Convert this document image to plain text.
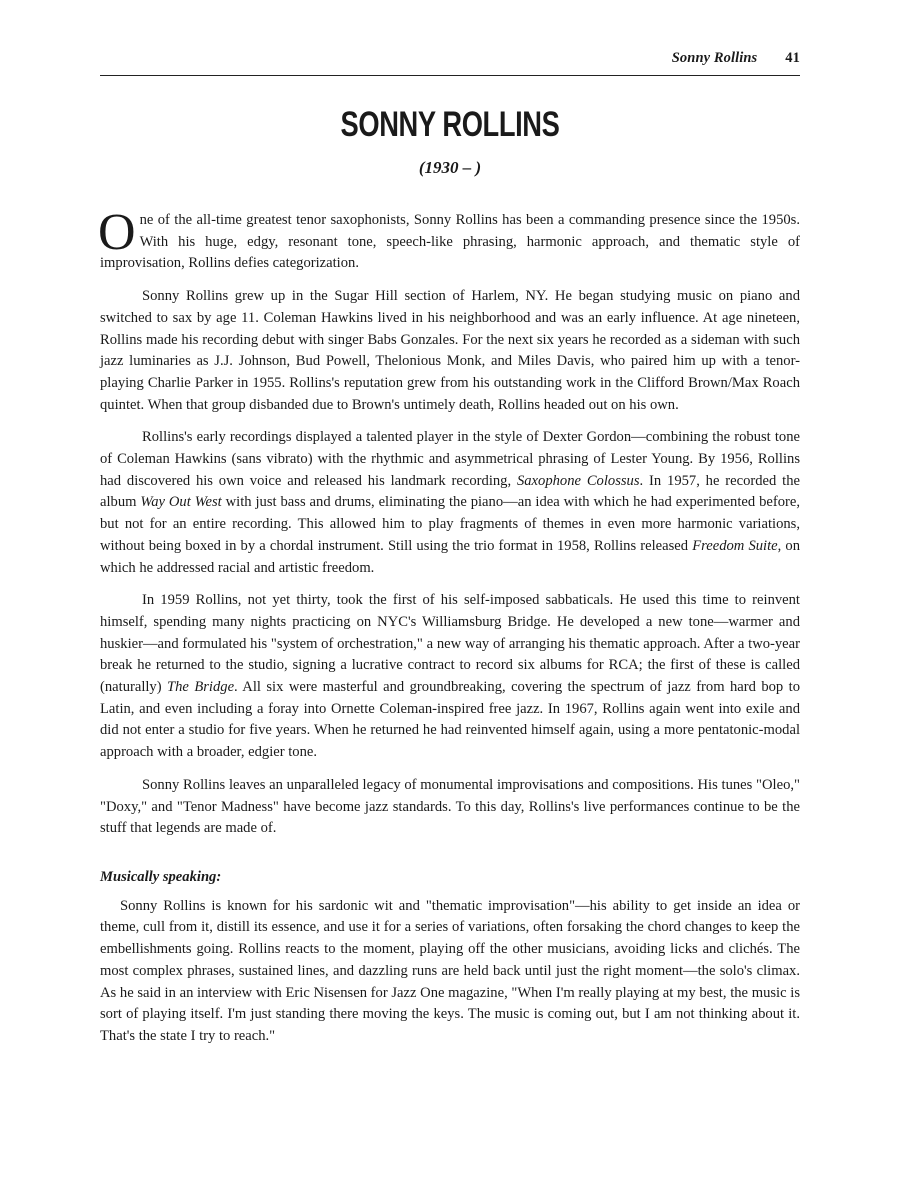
Sonny Rollins 41
SONNY ROLLINS
(1930 – )

One of the all-time greatest tenor saxophonists, Sonny Rollins has been a commanding presence since the 1950s. With his huge, edgy, resonant tone, speech-like phrasing, harmonic approach, and thematic style of improvisation, Rollins defies categorization.

Sonny Rollins grew up in the Sugar Hill section of Harlem, NY. He began studying music on piano and switched to sax by age 11. Coleman Hawkins lived in his neighborhood and was an early influence. At age nineteen, Rollins made his recording debut with singer Babs Gonzales. For the next six years he recorded as a sideman with such jazz luminaries as J.J. Johnson, Bud Powell, Thelonious Monk, and Miles Davis, who paired him up with a tenor-playing Charlie Parker in 1955. Rollins's reputation grew from his outstanding work in the Clifford Brown/Max Roach quintet. When that group disbanded due to Brown's untimely death, Rollins headed out on his own.

Rollins's early recordings displayed a talented player in the style of Dexter Gordon—combining the robust tone of Coleman Hawkins (sans vibrato) with the rhythmic and asymmetrical phrasing of Lester Young. By 1956, Rollins had discovered his own voice and released his landmark recording, Saxophone Colossus. In 1957, he recorded the album Way Out West with just bass and drums, eliminating the piano—an idea with which he had experimented before, but not for an entire recording. This allowed him to play fragments of themes in even more harmonic variations, without being boxed in by a chordal instrument. Still using the trio format in 1958, Rollins released Freedom Suite, on which he addressed racial and artistic freedom.

In 1959 Rollins, not yet thirty, took the first of his self-imposed sabbaticals. He used this time to reinvent himself, spending many nights practicing on NYC's Williamsburg Bridge. He developed a new tone—warmer and huskier—and formulated his "system of orchestration," a new way of arranging his thematic approach. After a two-year break he returned to the studio, signing a lucrative contract to record six albums for RCA; the first of these is called (naturally) The Bridge. All six were masterful and groundbreaking, covering the spectrum of jazz from hard bop to Latin, and even including a foray into Ornette Coleman-inspired free jazz. In 1967, Rollins again went into exile and did not enter a studio for five years. When he returned he had reinvented himself again, using a more pentatonic-modal approach with a broader, edgier tone.

Sonny Rollins leaves an unparalleled legacy of monumental improvisations and compositions. His tunes "Oleo," "Doxy," and "Tenor Madness" have become jazz standards. To this day, Rollins's live performances continue to be the stuff that legends are made of.

Musically speaking:

Sonny Rollins is known for his sardonic wit and "thematic improvisation"—his ability to get inside an idea or theme, cull from it, distill its essence, and use it for a series of variations, often forsaking the chord changes to keep the embellishments going. Rollins reacts to the moment, playing off the other musicians, avoiding licks and clichés. The most complex phrases, sustained lines, and dazzling runs are held back until just the right moment—the solo's climax. As he said in an interview with Eric Nisensen for Jazz One magazine, "When I'm really playing at my best, the music is sort of playing itself. I'm just standing there moving the keys. The music is coming out, but I am not thinking about it. That's the state I try to reach."
